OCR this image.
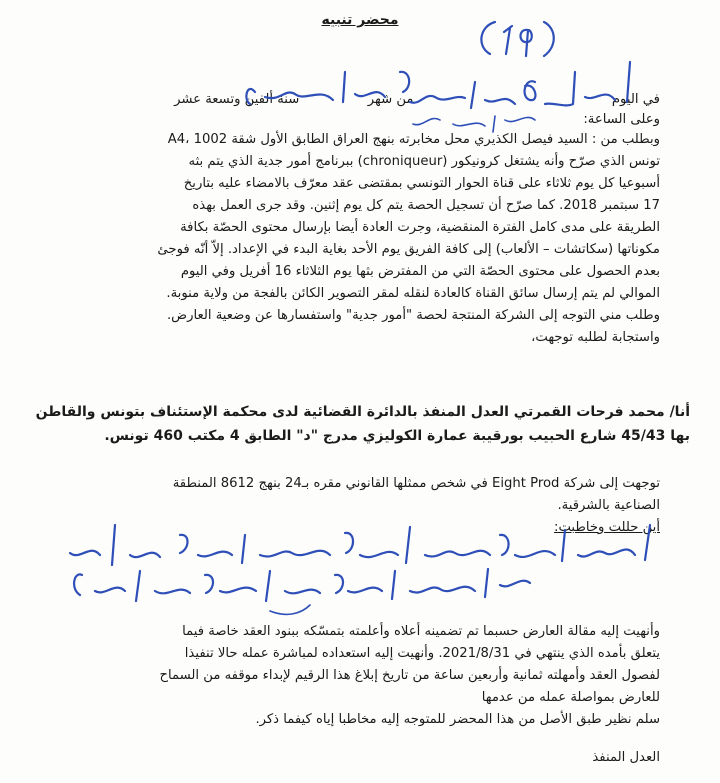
محضر تنبيه
في اليوم  من شهر  سنة ألفين وتسعة عشر
وعلى الساعة:
وبطلب من : السيد فيصل الكذيري محل مخابرته بنهج العراق الطابق الأول شقة A4، 1002
تونس الذي صرّح وأنه يشتغل كرونيكور (chroniqueur) ببرنامج أمور جدية الذي يتم بثه
أسبوعيا كل يوم ثلاثاء على قناة الحوار التونسي بمقتضى عقد معرّف بالامضاء عليه بتاريخ
17 سبتمبر 2018. كما صرّح أن تسجيل الحصة يتم كل يوم إثنين. وقد جرى العمل بهذه
الطريقة على مدى كامل الفترة المنقضية، وجرت العادة أيضا بإرسال محتوى الحصّة بكافة
مكوناتها (سكاتشات – الألعاب) إلى كافة الفريق يوم الأحد بغاية البدء في الإعداد. إلاّ أنّه فوجئ
بعدم الحصول على محتوى الحصّة التي من المفترض بثها يوم الثلاثاء 16 أفريل وفي اليوم
الموالي لم يتم إرسال سائق القناة كالعادة لنقله لمقر التصوير الكائن بالفجة من ولاية منوبة.
وطلب مني التوجه إلى الشركة المنتجة لحصة "أمور جدية" واستفسارها عن وضعية العارض.
واستجابة لطلبه توجهت،
أنا/ محمد فرحات القمرتي العدل المنفذ بالدائرة القضائية لدى محكمة الإستئناف بتونس والقاطن
بها 45/43 شارع الحبيب بورقيبة عمارة الكوليزي مدرج "د" الطابق 4 مكتب 460 تونس.
توجهت إلى شركة Eight Prod في شخص ممثلها القانوني مقره بـ24 بنهج 8612 المنطقة
الصناعية بالشرقية.
أين حللت وخاطبت:
وأنهيت إليه مقالة العارض حسبما تم تضمينه أعلاه وأعلمته بتمسّكه ببنود العقد خاصة فيما
يتعلق بأمده الذي ينتهي في 2021/8/31. وأنهيت إليه استعداده لمباشرة عمله حالا تنفيذا
لفصول العقد وأمهلته ثمانية وأربعين ساعة من تاريخ إبلاغ هذا الرقيم لإبداء موقفه من السماح
للعارض بمواصلة عمله من عدمها
سلم نظير طبق الأصل من هذا المحضر للمتوجه إليه مخاطبا إياه كيفما ذكر.
العدل المنفذ
